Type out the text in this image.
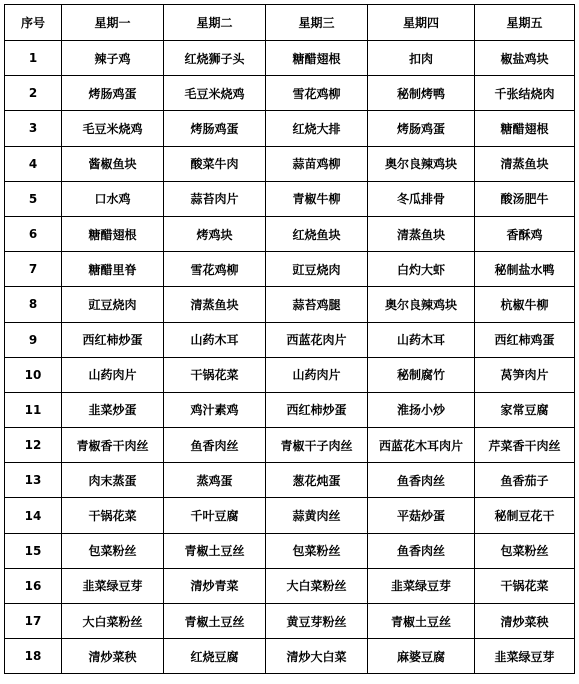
序号	星期一	星期二	星期三	星期四	星期五
1	辣子鸡	红烧狮子头	糖醋翅根	扣肉	椒盐鸡块
2	烤肠鸡蛋	毛豆米烧鸡	雪花鸡柳	秘制烤鸭	千张结烧肉
3	毛豆米烧鸡	烤肠鸡蛋	红烧大排	烤肠鸡蛋	糖醋翅根
4	酱椒鱼块	酸菜牛肉	蒜苗鸡柳	奥尔良辣鸡块	清蒸鱼块
5	口水鸡	蒜苔肉片	青椒牛柳	冬瓜排骨	酸汤肥牛
6	糖醋翅根	烤鸡块	红烧鱼块	清蒸鱼块	香酥鸡
7	糖醋里脊	雪花鸡柳	豇豆烧肉	白灼大虾	秘制盐水鸭
8	豇豆烧肉	清蒸鱼块	蒜苔鸡腿	奥尔良辣鸡块	杭椒牛柳
9	西红柿炒蛋	山药木耳	西蓝花肉片	山药木耳	西红柿鸡蛋
10	山药肉片	干锅花菜	山药肉片	秘制腐竹	莴笋肉片
11	韭菜炒蛋	鸡汁素鸡	西红柿炒蛋	淮扬小炒	家常豆腐
12	青椒香干肉丝	鱼香肉丝	青椒干子肉丝	西蓝花木耳肉片	芹菜香干肉丝
13	肉末蒸蛋	蒸鸡蛋	葱花炖蛋	鱼香肉丝	鱼香茄子
14	干锅花菜	千叶豆腐	蒜黄肉丝	平菇炒蛋	秘制豆花干
15	包菜粉丝	青椒土豆丝	包菜粉丝	鱼香肉丝	包菜粉丝
16	韭菜绿豆芽	清炒青菜	大白菜粉丝	韭菜绿豆芽	干锅花菜
17	大白菜粉丝	青椒土豆丝	黄豆芽粉丝	青椒土豆丝	清炒菜秧
18	清炒菜秧	红烧豆腐	清炒大白菜	麻婆豆腐	韭菜绿豆芽
